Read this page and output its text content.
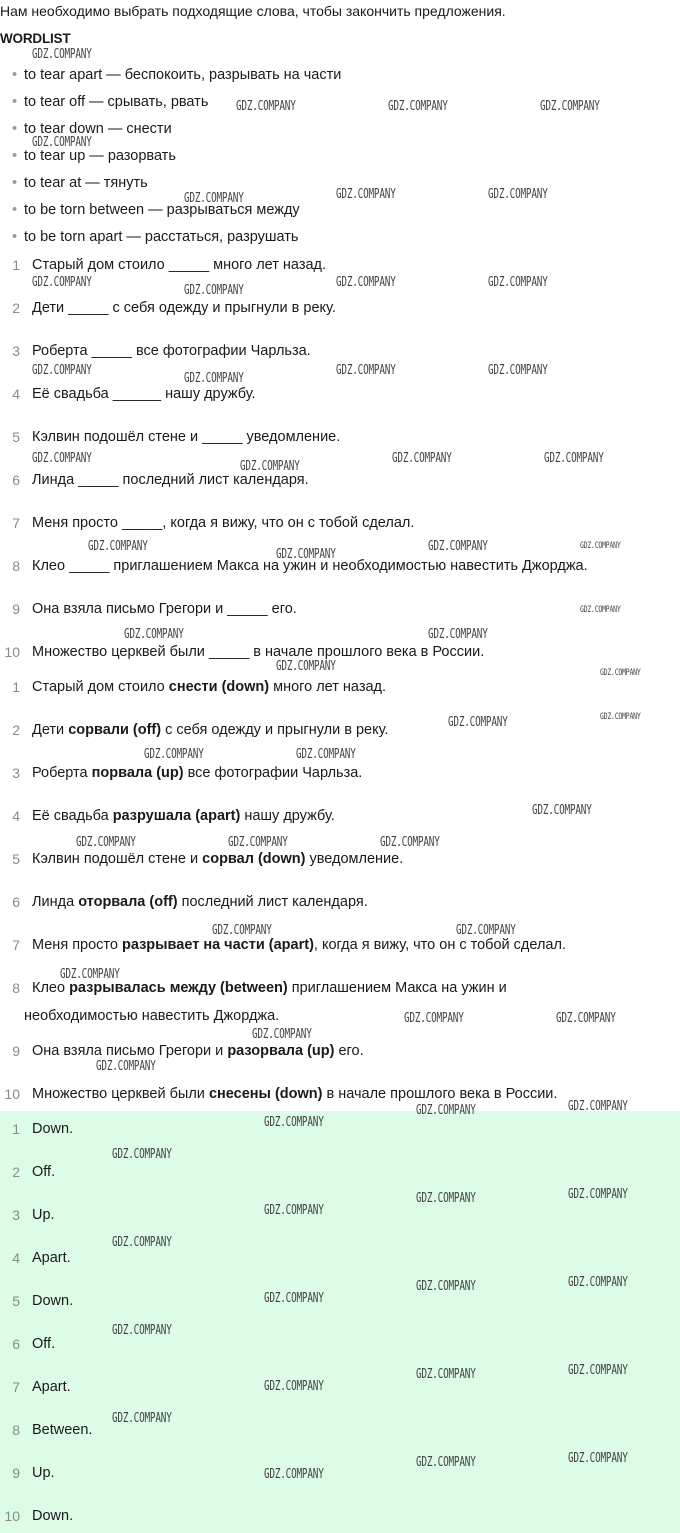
Нам необходимо выбрать подходящие слова, чтобы закончить предложения.
WORDLIST
to tear apart — беспокоить, разрывать на части
to tear off — срывать, рвать
to tear down — снести
to tear up — разорвать
to tear at — тянуть
to be torn between — разрываться между
to be torn apart — расстаться, разрушать
1 Старый дом стоило _____ много лет назад.
2 Дети _____ с себя одежду и прыгнули в реку.
3 Роберта _____ все фотографии Чарльза.
4 Её свадьба ______ нашу дружбу.
5 Кэлвин подошёл стене и _____ уведомление.
6 Линда _____ последний лист календаря.
7 Меня просто _____, когда я вижу, что он с тобой сделал.
8 Клео _____ приглашением Макса на ужин и необходимостью навестить Джорджа.
9 Она взяла письмо Грегори и _____ его.
10 Множество церквей были _____ в начале прошлого века в России.
1 Старый дом стоило снести (down) много лет назад.
2 Дети сорвали (off) с себя одежду и прыгнули в реку.
3 Роберта порвала (up) все фотографии Чарльза.
4 Её свадьба разрушала (apart) нашу дружбу.
5 Кэлвин подошёл стене и сорвал (down) уведомление.
6 Линда оторвала (off) последний лист календаря.
7 Меня просто разрывает на части (apart), когда я вижу, что он с тобой сделал.
8 Клео разрывалась между (between) приглашением Макса на ужин и
необходимостью навестить Джорджа.
9 Она взяла письмо Грегори и разорвала (up) его.
10 Множество церквей были снесены (down) в начале прошлого века в России.
1 Down.
2 Off.
3 Up.
4 Apart.
5 Down.
6 Off.
7 Apart.
8 Between.
9 Up.
10 Down.
GDZ.COMPANY
GDZ.COMPANY	GDZ.COMPANY	GDZ.COMPANY
GDZ.COMPANY
GDZ.COMPANY	GDZ.COMPANY	GDZ.COMPANY
GDZ.COMPANY
GDZ.COMPANY
GDZ.COMPANY	GDZ.COMPANY
GDZ.COMPANY
GDZ.COMPANY
GDZ.COMPANY	GDZ.COMPANY
GDZ.COMPANY
GDZ.COMPANY
GDZ.COMPANY	GDZ.COMPANY
GDZ.COMPANY
GDZ.COMPANY
GDZ.COMPANY	GDZ.COMPANY
GDZ.COMPANY
GDZ.COMPANY	GDZ.COMPANY
GDZ.COMPANY	GDZ.COMPANY
GDZ.COMPANY
GDZ.COMPANY
GDZ.COMPANY	GDZ.COMPANY
GDZ.COMPANY
GDZ.COMPANY	GDZ.COMPANY	GDZ.COMPANY
GDZ.COMPANY	GDZ.COMPANY
GDZ.COMPANY
GDZ.COMPANY	GDZ.COMPANY
GDZ.COMPANY
GDZ.COMPANY
GDZ.COMPANY	GDZ.COMPANY
GDZ.COMPANY
GDZ.COMPANY
GDZ.COMPANY	GDZ.COMPANY
GDZ.COMPANY
GDZ.COMPANY
GDZ.COMPANY	GDZ.COMPANY
GDZ.COMPANY
GDZ.COMPANY
GDZ.COMPANY	GDZ.COMPANY
GDZ.COMPANY
GDZ.COMPANY
GDZ.COMPANY	GDZ.COMPANY
GDZ.COMPANY
